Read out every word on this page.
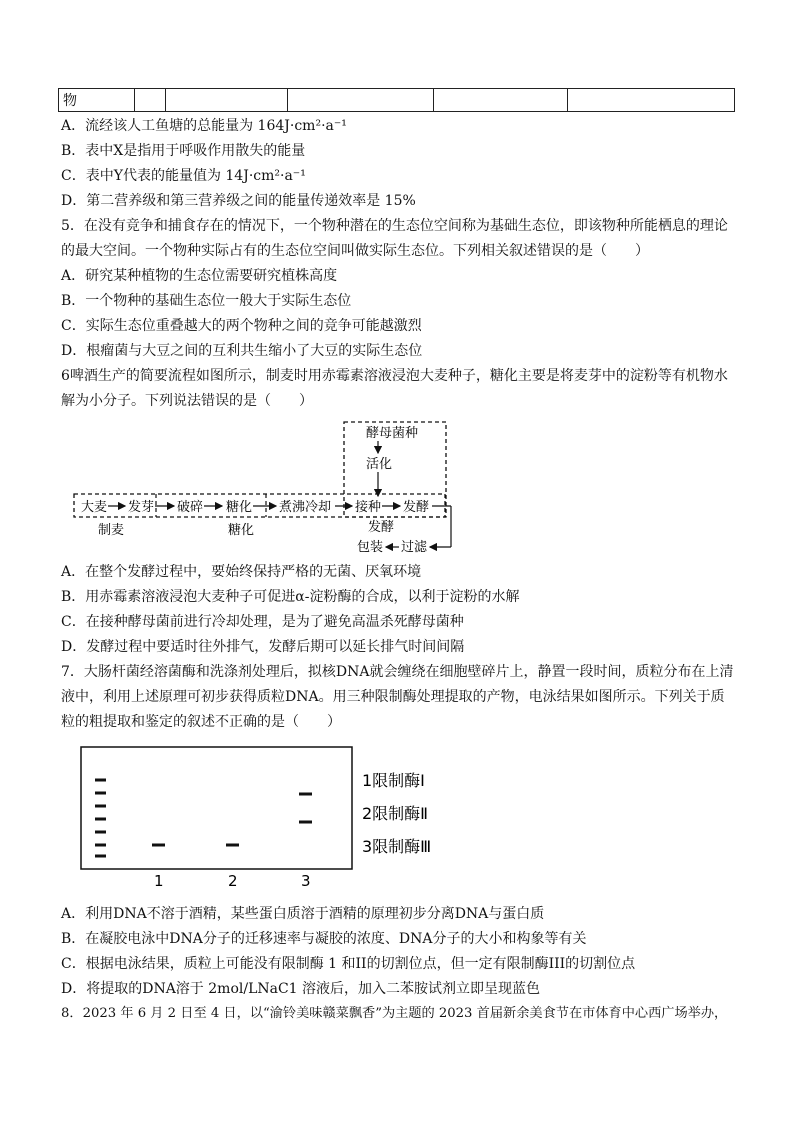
物					
A．流经该人工鱼塘的总能量为 164J·cm²·a⁻¹
B．表中X是指用于呼吸作用散失的能量
C．表中Y代表的能量值为 14J·cm²·a⁻¹
D．第二营养级和第三营养级之间的能量传递效率是 15%
5．在没有竞争和捕食存在的情况下，一个物种潜在的生态位空间称为基础生态位，即该物种所能栖息的理论
的最大空间。一个物种实际占有的生态位空间叫做实际生态位。下列相关叙述错误的是（　　）
A．研究某种植物的生态位需要研究植株高度
B．一个物种的基础生态位一般大于实际生态位
C．实际生态位重叠越大的两个物种之间的竞争可能越激烈
D．根瘤菌与大豆之间的互利共生缩小了大豆的实际生态位
6啤酒生产的简要流程如图所示，制麦时用赤霉素溶液浸泡大麦种子，糖化主要是将麦芽中的淀粉等有机物水
解为小分子。下列说法错误的是（　　）
酵母菌种
活化
大麦 发芽 破碎 糖化 煮沸冷却 接种 发酵
制麦	糖化	发酵
过滤
包装
A．在整个发酵过程中，要始终保持严格的无菌、厌氧环境
B．用赤霉素溶液浸泡大麦种子可促进α-淀粉酶的合成，以利于淀粉的水解
C．在接种酵母菌前进行冷却处理，是为了避免高温杀死酵母菌种
D．发酵过程中要适时往外排气，发酵后期可以延长排气时间间隔
7．大肠杆菌经溶菌酶和洗涤剂处理后，拟核DNA就会缠绕在细胞壁碎片上，静置一段时间，质粒分布在上清
液中，利用上述原理可初步获得质粒DNA。用三种限制酶处理提取的产物，电泳结果如图所示。下列关于质
粒的粗提取和鉴定的叙述不正确的是（　　）
1	2	3
1限制酶Ⅰ
2限制酶Ⅱ
3限制酶Ⅲ
A．利用DNA不溶于酒精，某些蛋白质溶于酒精的原理初步分离DNA与蛋白质
B．在凝胶电泳中DNA分子的迁移速率与凝胶的浓度、DNA分子的大小和构象等有关
C．根据电泳结果，质粒上可能没有限制酶 1 和II的切割位点，但一定有限制酶III的切割位点
D．将提取的DNA溶于 2mol/LNaC1 溶液后，加入二苯胺试剂立即呈现蓝色
8．2023 年 6 月 2 日至 4 日，以“渝铃美味赣菜飘香”为主题的 2023 首届新余美食节在市体育中心西广场举办，
